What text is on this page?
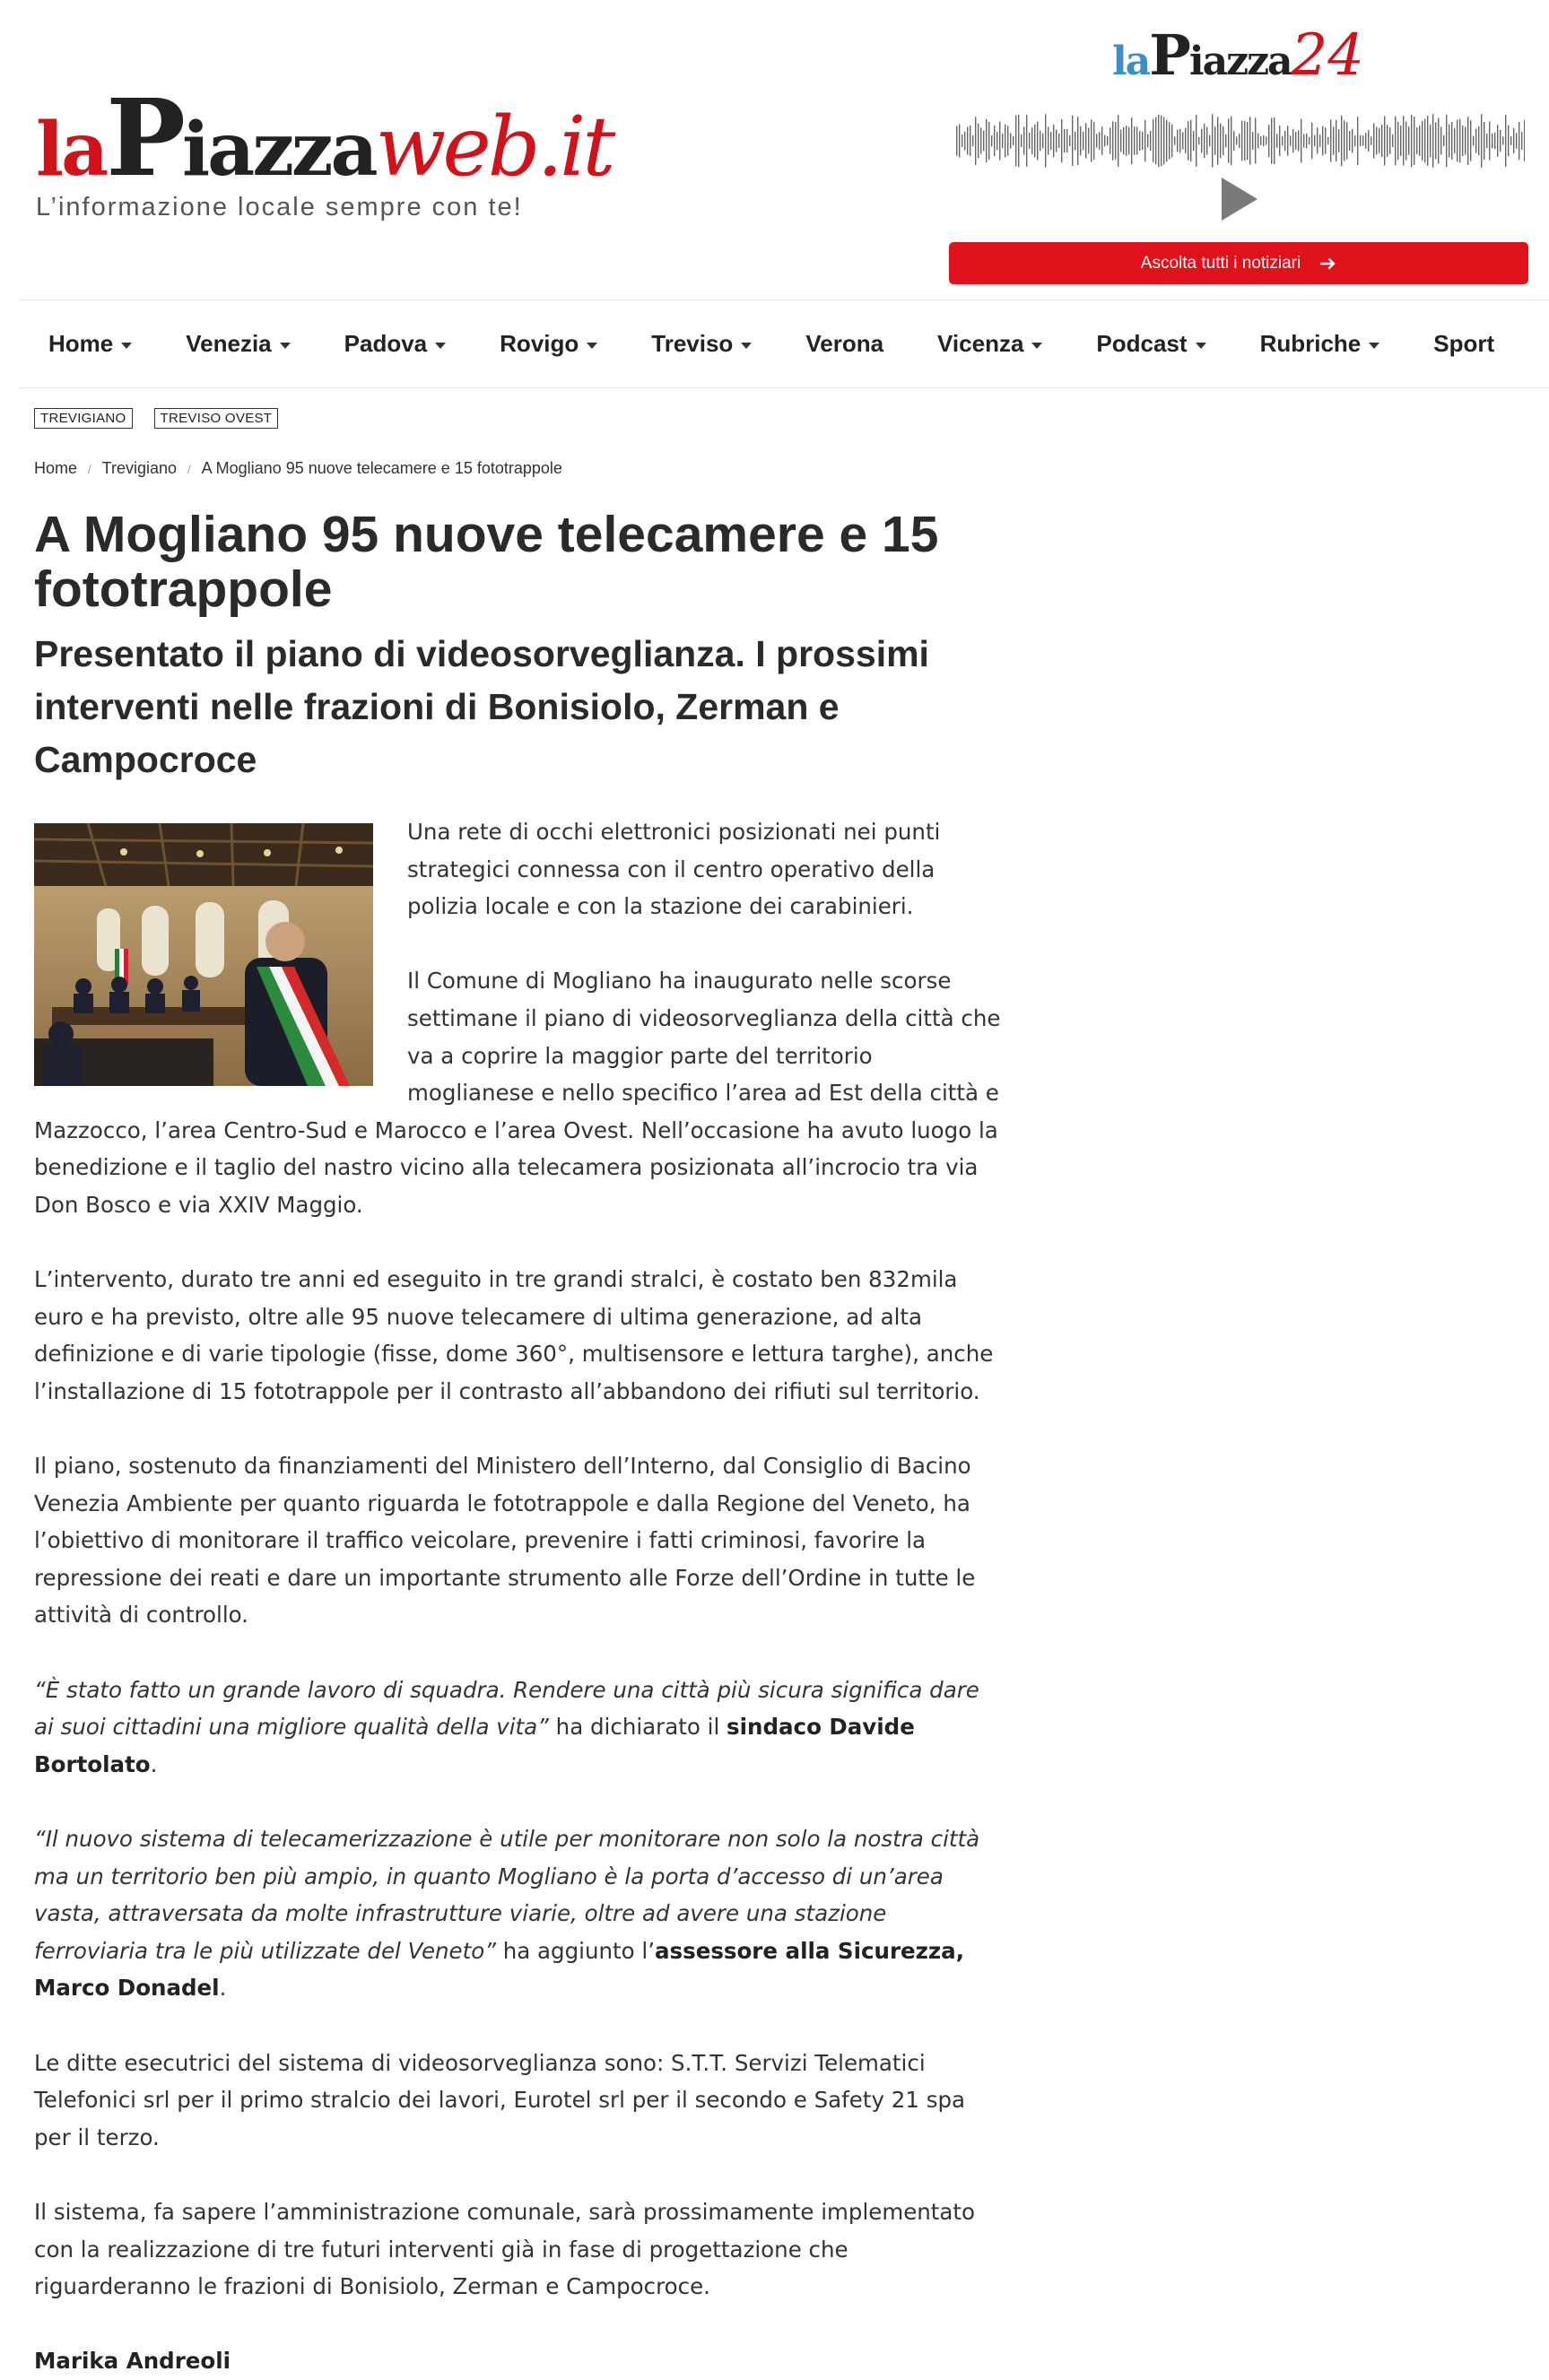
laPiazzaweb.it
L’informazione locale sempre con te!
laPiazza24
Ascolta tutti i notiziari
Home	Venezia	Padova	Rovigo	Treviso	Verona Vicenza	Podcast	Rubriche	Sport
TREVIGIANO	TREVISO OVEST
Home / Trevigiano / A Mogliano 95 nuove telecamere e 15 fototrappole
A Mogliano 95 nuove telecamere e 15 fototrappole
Presentato il piano di videosorveglianza. I prossimi interventi nelle frazioni di Bonisiolo, Zerman e Campocroce

Una rete di occhi elettronici posizionati nei punti strategici connessa con il centro operativo della polizia locale e con la stazione dei carabinieri.

Il Comune di Mogliano ha inaugurato nelle scorse settimane il piano di videosorveglianza della città che va a coprire la maggior parte del territorio moglianese e nello specifico l’area ad Est della città e Mazzocco, l’area Centro-Sud e Marocco e l’area Ovest. Nell’occasione ha avuto luogo la benedizione e il taglio del nastro vicino alla telecamera posizionata all’incrocio tra via Don Bosco e via XXIV Maggio.

L’intervento, durato tre anni ed eseguito in tre grandi stralci, è costato ben 832mila euro e ha previsto, oltre alle 95 nuove telecamere di ultima generazione, ad alta definizione e di varie tipologie (fisse, dome 360°, multisensore e lettura targhe), anche l’installazione di 15 fototrappole per il contrasto all’abbandono dei rifiuti sul territorio.

Il piano, sostenuto da finanziamenti del Ministero dell’Interno, dal Consiglio di Bacino Venezia Ambiente per quanto riguarda le fototrappole e dalla Regione del Veneto, ha l’obiettivo di monitorare il traffico veicolare, prevenire i fatti criminosi, favorire la repressione dei reati e dare un importante strumento alle Forze dell’Ordine in tutte le attività di controllo.

“È stato fatto un grande lavoro di squadra. Rendere una città più sicura significa dare ai suoi cittadini una migliore qualità della vita” ha dichiarato il sindaco Davide Bortolato.

“Il nuovo sistema di telecamerizzazione è utile per monitorare non solo la nostra città ma un territorio ben più ampio, in quanto Mogliano è la porta d’accesso di un’area vasta, attraversata da molte infrastrutture viarie, oltre ad avere una stazione ferroviaria tra le più utilizzate del Veneto” ha aggiunto l’assessore alla Sicurezza, Marco Donadel.

Le ditte esecutrici del sistema di videosorveglianza sono: S.T.T. Servizi Telematici Telefonici srl per il primo stralcio dei lavori, Eurotel srl per il secondo e Safety 21 spa per il terzo.

Il sistema, fa sapere l’amministrazione comunale, sarà prossimamente implementato con la realizzazione di tre futuri interventi già in fase di progettazione che riguarderanno le frazioni di Bonisiolo, Zerman e Campocroce.

Marika Andreoli
